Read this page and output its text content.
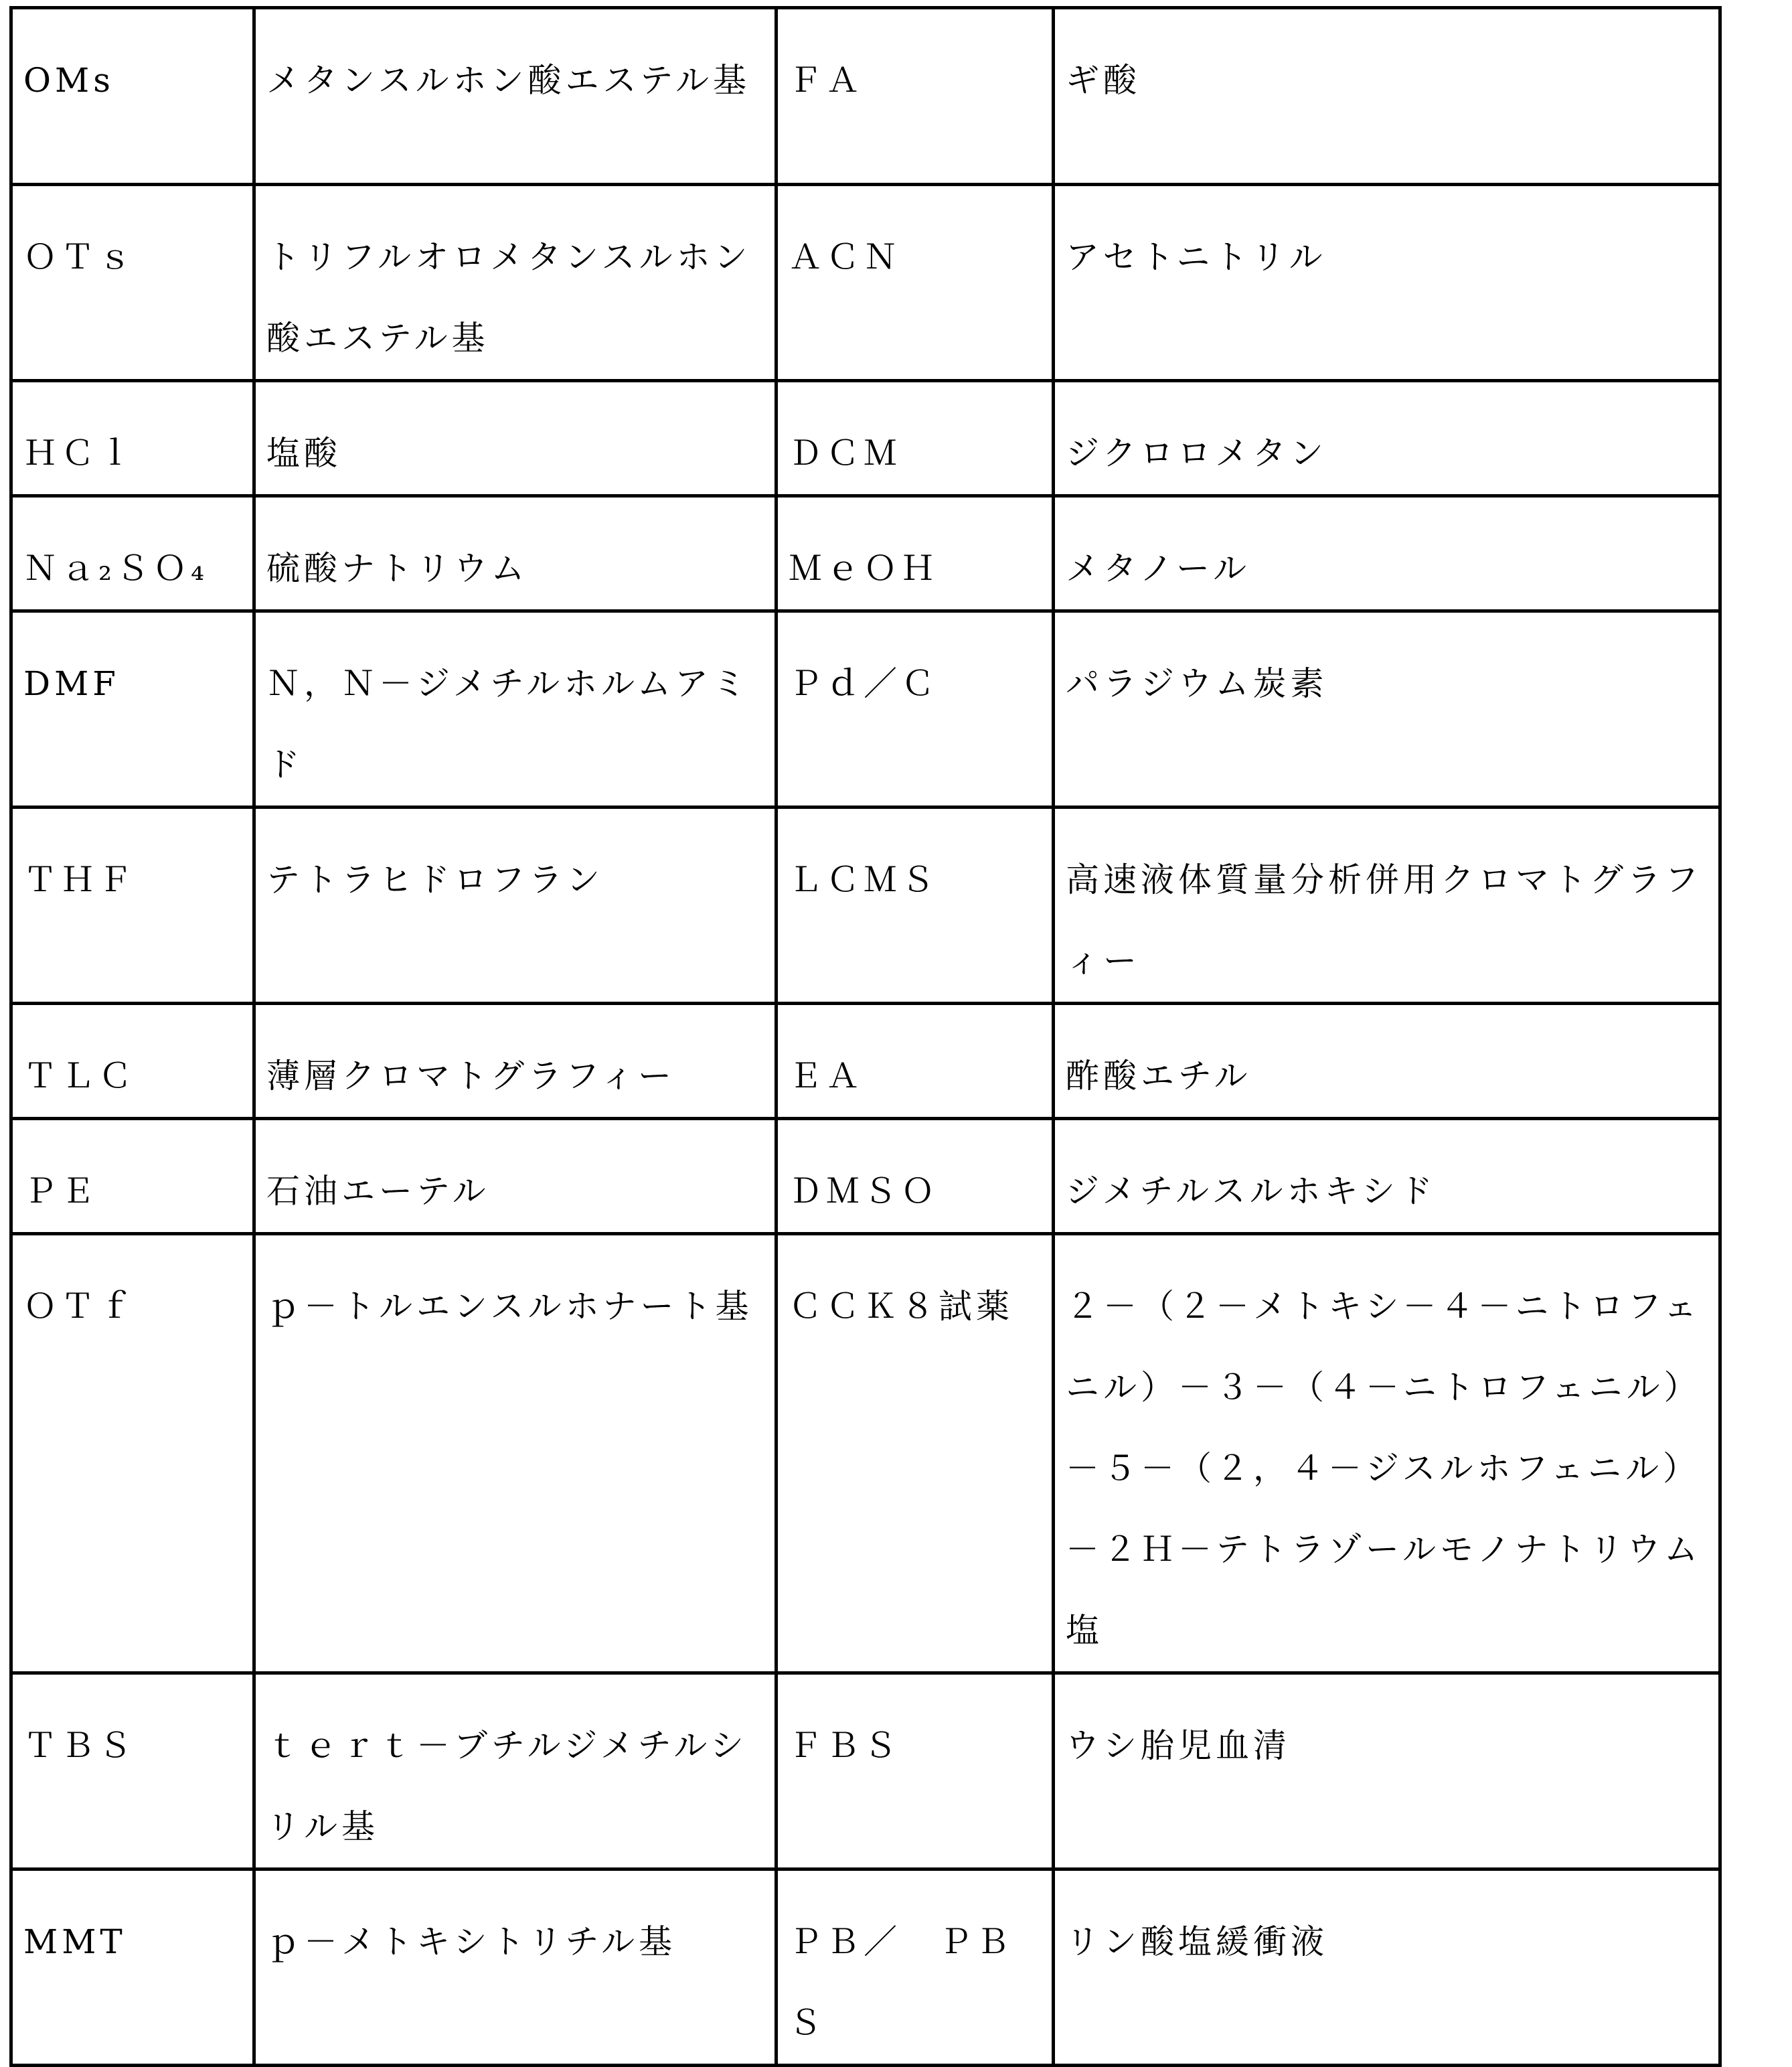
OMs	メタンスルホン酸エステル基	ＦＡ	ギ酸
ＯＴｓ	トリフルオロメタンスルホン酸エステル基	ＡＣＮ	アセトニトリル
ＨＣｌ	塩酸	ＤＣＭ	ジクロロメタン
Ｎａ₂ＳＯ₄	硫酸ナトリウム	ＭｅＯＨ	メタノール
DMF	Ｎ，Ｎ－ジメチルホルムアミド	Ｐｄ／Ｃ	パラジウム炭素
ＴＨＦ	テトラヒドロフラン	ＬＣＭＳ	高速液体質量分析併用クロマトグラフィー
ＴＬＣ	薄層クロマトグラフィー	ＥＡ	酢酸エチル
ＰＥ	石油エーテル	ＤＭＳＯ	ジメチルスルホキシド
ＯＴｆ	ｐ－トルエンスルホナート基	ＣＣＫ８試薬	２－（２－メトキシ－４－ニトロフェニル）－３－（４－ニトロフェニル）－５－（２，４－ジスルホフェニル）－２Ｈ－テトラゾールモノナトリウム塩
ＴＢＳ	ｔｅｒｔ－ブチルジメチルシリル基	ＦＢＳ	ウシ胎児血清
MMT	ｐ－メトキシトリチル基	ＰＢ／　ＰＢＳ	リン酸塩緩衝液
